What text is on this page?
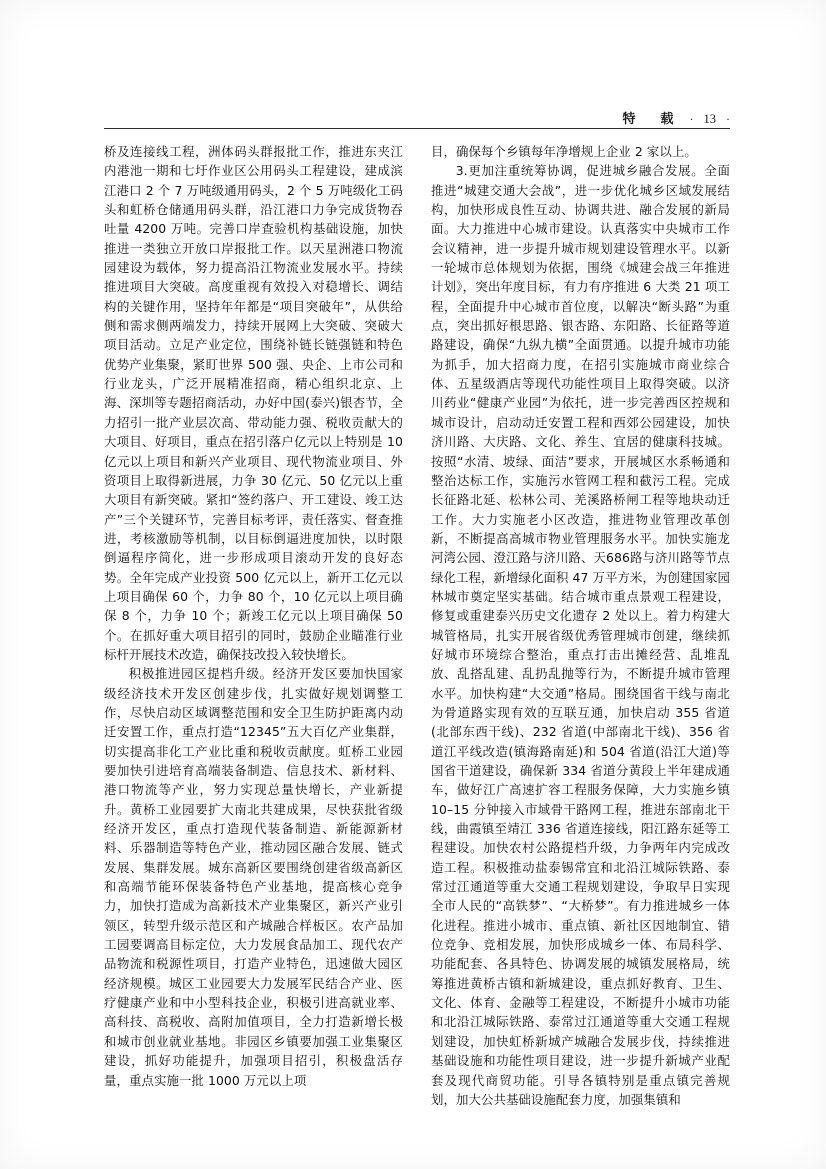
特　载 · 13 ·

桥及连接线工程，洲体码头群报批工作，推进东夹江内港池一期和七圩作业区公用码头工程建设，建成滨江港口 2 个 7 万吨级通用码头，2 个 5 万吨级化工码头和虹桥仓储通用码头群，沿江港口力争完成货物吞吐量 4200 万吨。完善口岸查验机构基础设施，加快推进一类独立开放口岸报批工作。以天星洲港口物流园建设为载体，努力提高沿江物流业发展水平。持续推进项目大突破。高度重视有效投入对稳增长、调结构的关键作用，坚持年年都是“项目突破年”，从供给侧和需求侧两端发力，持续开展网上大突破、突破大项目活动。立足产业定位，围绕补链长链强链和特色优势产业集聚，紧盯世界 500 强、央企、上市公司和行业龙头，广泛开展精准招商，精心组织北京、上海、深圳等专题招商活动，办好中国(泰兴)银杏节，全力招引一批产业层次高、带动能力强、税收贡献大的大项目、好项目，重点在招引落户亿元以上特别是 10 亿元以上项目和新兴产业项目、现代物流业项目、外资项目上取得新进展，力争 30 亿元、50 亿元以上重大项目有新突破。紧扣“签约落户、开工建设、竣工达产”三个关键环节，完善目标考评，责任落实、督查推进，考核激励等机制，以目标倒逼进度加快，以时限倒逼程序简化，进一步形成项目滚动开发的良好态势。全年完成产业投资 500 亿元以上，新开工亿元以上项目确保 60 个，力争 80 个，10 亿元以上项目确保 8 个，力争 10 个；新竣工亿元以上项目确保 50 个。在抓好重大项目招引的同时，鼓励企业瞄准行业标杆开展技术改造，确保技改投入较快增长。

积极推进园区提档升级。经济开发区要加快国家级经济技术开发区创建步伐，扎实做好规划调整工作，尽快启动区域调整范围和安全卫生防护距离内动迁安置工作，重点打造“12345”五大百亿产业集群，切实提高非化工产业比重和税收贡献度。虹桥工业园要加快引进培育高端装备制造、信息技术、新材料、港口物流等产业，努力实现总量快增长，产业新提升。黄桥工业园要扩大南北共建成果，尽快获批省级经济开发区，重点打造现代装备制造、新能源新材料、乐器制造等特色产业，推动园区融合发展、链式发展、集群发展。城东高新区要围绕创建省级高新区和高端节能环保装备特色产业基地，提高核心竞争力，加快打造成为高新技术产业集聚区，新兴产业引领区，转型升级示范区和产城融合样板区。农产品加工园要调高目标定位，大力发展食品加工、现代农产品物流和税源性项目，打造产业特色，迅速做大园区经济规模。城区工业园要大力发展军民结合产业、医疗健康产业和中小型科技企业，积极引进高就业率、高科技、高税收、高附加值项目，全力打造新增长极和城市创业就业基地。非园区乡镇要加强工业集聚区建设，抓好功能提升，加强项目招引，积极盘活存量，重点实施一批 1000 万元以上项

目，确保每个乡镇每年净增规上企业 2 家以上。

3.更加注重统筹协调，促进城乡融合发展。全面推进“城建交通大会战”，进一步优化城乡区域发展结构，加快形成良性互动、协调共进、融合发展的新局面。大力推进中心城市建设。认真落实中央城市工作会议精神，进一步提升城市规划建设管理水平。以新一轮城市总体规划为依据，围绕《城建会战三年推进计划》，突出年度目标，有力有序推进 6 大类 21 项工程，全面提升中心城市首位度，以解决“断头路”为重点，突出抓好根思路、银杏路、东阳路、长征路等道路建设，确保“九纵九横”全面贯通。以提升城市功能为抓手，加大招商力度，在招引实施城市商业综合体、五星级酒店等现代功能性项目上取得突破。以济川药业“健康产业园”为依托，进一步完善西区控规和城市设计，启动动迁安置工程和西郊公园建设，加快济川路、大庆路、文化、养生、宜居的健康科技城。按照“水清、坡绿、面洁”要求，开展城区水系畅通和整治达标工作，实施污水管网工程和截污工程。完成长征路北延、松林公司、羌溪路桥闸工程等地块动迁工作。大力实施老小区改造，推进物业管理改革创新，不断提高高城市物业管理服务水平。加快实施龙河湾公园、澄江路与济川路、天686路与济川路等节点绿化工程，新增绿化面积 47 万平方米，为创建国家园林城市奠定坚实基础。结合城市重点景观工程建设，修复或重建泰兴历史文化遗存 2 处以上。着力构建大城管格局，扎实开展省级优秀管理城市创建，继续抓好城市环境综合整治，重点打击出摊经营、乱堆乱放、乱搭乱建、乱扔乱抛等行为，不断提升城市管理水平。加快构建“大交通”格局。围绕国省干线与南北为骨道路实现有效的互联互通，加快启动 355 省道(北部东西干线)、232 省道(中部南北干线)、356 省道江平线改造(镇海路南延)和 504 省道(沿江大道)等国省干道建设，确保新 334 省道分黄段上半年建成通车，做好江广高速扩容工程服务保障，大力实施乡镇 10–15 分钟接入市域骨干路网工程，推进东部南北干线，曲霞镇至靖江 336 省道连接线，阳江路东延等工程建设。加快农村公路提档升级，力争两年内完成改造工程。积极推动盐泰锡常宜和北沿江城际铁路、泰常过江通道等重大交通工程规划建设，争取早日实现全市人民的“高铁梦”、“大桥梦”。有力推进城乡一体化进程。推进小城市、重点镇、新社区因地制宜、错位竞争、竞相发展，加快形成城乡一体、布局科学、功能配套、各具特色、协调发展的城镇发展格局，统筹推进黄桥古镇和新城建设，重点抓好教育、卫生、文化、体育、金融等工程建设，不断提升小城市功能和北沿江城际铁路、泰常过江通道等重大交通工程规划建设，加快虹桥新城产城融合发展步伐，持续推进基础设施和功能性项目建设，进一步提升新城产业配套及现代商贸功能。引导各镇特别是重点镇完善规划，加大公共基础设施配套力度，加强集镇和
